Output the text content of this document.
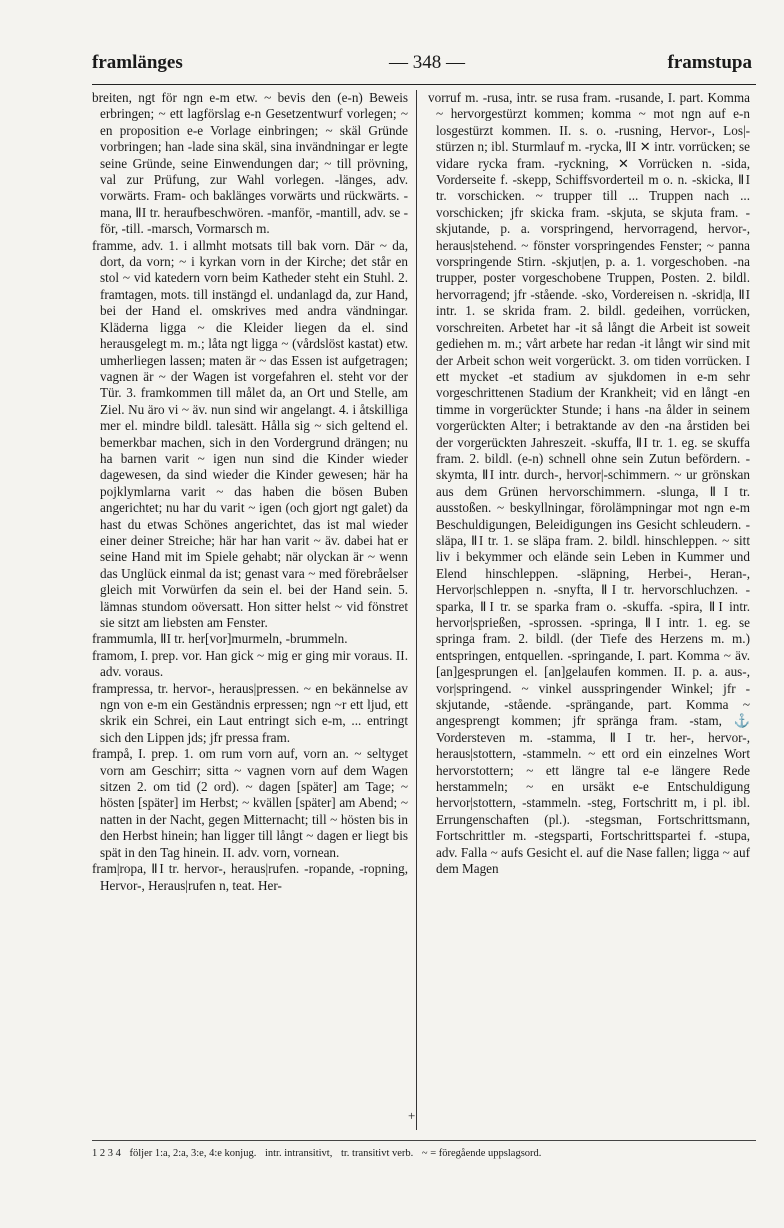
framlänges	— 348 —	framstupa

breiten, ngt för ngn e-m etw. ~ bevis den (e-n) Beweis erbringen; ~ ett lagförslag e-n Gesetzentwurf vorlegen; ~ en proposition e-e Vorlage einbringen; ~ skäl Gründe vorbringen; han -lade sina skäl, sina invändningar er legte seine Gründe, seine Einwendungen dar; ~ till prövning, val zur Prüfung, zur Wahl vorlegen. -länges, adv. vorwärts. Fram- och baklänges vorwärts und rückwärts. -mana, ⅡI tr. heraufbeschwören. -manför, -mantill, adv. se -för, -till. -marsch, Vormarsch m.

framme, adv. 1. i allmht motsats till bak vorn. Där ~ da, dort, da vorn; ~ i kyrkan vorn in der Kirche; det står en stol ~ vid katedern vorn beim Katheder steht ein Stuhl. 2. framtagen, mots. till instängd el. undanlagd da, zur Hand, bei der Hand el. omskrives med andra vändningar. Kläderna ligga ~ die Kleider liegen da el. sind herausgelegt m. m.; låta ngt ligga ~ (vårdslöst kastat) etw. umherliegen lassen; maten är ~ das Essen ist aufgetragen; vagnen är ~ der Wagen ist vorgefahren el. steht vor der Tür. 3. framkommen till målet da, an Ort und Stelle, am Ziel. Nu äro vi ~ äv. nun sind wir angelangt. 4. i åtskilliga mer el. mindre bildl. talesätt. Hålla sig ~ sich geltend el. bemerkbar machen, sich in den Vordergrund drängen; nu ha barnen varit ~ igen nun sind die Kinder wieder dagewesen, da sind wieder die Kinder gewesen; här ha pojklymlarna varit ~ das haben die bösen Buben angerichtet; nu har du varit ~ igen (och gjort ngt galet) da hast du etwas Schönes angerichtet, das ist mal wieder einer deiner Streiche; här har han varit ~ äv. dabei hat er seine Hand mit im Spiele gehabt; när olyckan är ~ wenn das Unglück einmal da ist; genast vara ~ med förebråelser gleich mit Vorwürfen da sein el. bei der Hand sein. 5. lämnas stundom oöversatt. Hon sitter helst ~ vid fönstret sie sitzt am liebsten am Fenster.

frammumla, ⅡI tr. her[vor]murmeln, -brummeln.

framom, I. prep. vor. Han gick ~ mig er ging mir voraus. II. adv. voraus.

frampressa, tr. hervor-, heraus|pressen. ~ en bekännelse av ngn von e-m ein Geständnis erpressen; ngn ~r ett ljud, ett skrik ein Schrei, ein Laut entringt sich e-m, ... entringt sich den Lippen jds; jfr pressa fram.

frampå, I. prep. 1. om rum vorn auf, vorn an. ~ seltyget vorn am Geschirr; sitta ~ vagnen vorn auf dem Wagen sitzen 2. om tid (2 ord). ~ dagen [später] am Tage; ~ hösten [später] im Herbst; ~ kvällen [später] am Abend; ~ natten in der Nacht, gegen Mitternacht; till ~ hösten bis in den Herbst hinein; han ligger till långt ~ dagen er liegt bis spät in den Tag hinein. II. adv. vorn, vornean.

fram|ropa, ⅡI tr. hervor-, heraus|rufen. -ropande, -ropning, Hervor-, Heraus|rufen n, teat. Her-

+

vorruf m. -rusa, intr. se rusa fram. -rusande, I. part. Komma ~ hervorgestürzt kommen; komma ~ mot ngn auf e-n losgestürzt kommen. II. s. o. -rusning, Hervor-, Los|-stürzen n; ibl. Sturmlauf m. -rycka, ⅡI ✕ intr. vorrücken; se vidare rycka fram. -ryckning, ✕ Vorrücken n. -sida, Vorderseite f. -skepp, Schiffsvorderteil m o. n. -skicka, ⅡI tr. vorschicken. ~ trupper till ... Truppen nach ... vorschicken; jfr skicka fram. -skjuta, se skjuta fram. -skjutande, p. a. vorspringend, hervorragend, hervor-, heraus|stehend. ~ fönster vorspringendes Fenster; ~ panna vorspringende Stirn. -skjut|en, p. a. 1. vorgeschoben. -na trupper, poster vorgeschobene Truppen, Posten. 2. bildl. hervorragend; jfr -stående. -sko, Vordereisen n. -skrid|a, ⅡI intr. 1. se skrida fram. 2. bildl. gedeihen, vorrücken, vorschreiten. Arbetet har -it så långt die Arbeit ist soweit gediehen m. m.; vårt arbete har redan -it långt wir sind mit der Arbeit schon weit vorgerückt. 3. om tiden vorrücken. I ett mycket -et stadium av sjukdomen in e-m sehr vorgeschrittenen Stadium der Krankheit; vid en långt -en timme in vorgerückter Stunde; i hans -na ålder in seinem vorgerückten Alter; i betraktande av den -na årstiden bei der vorgerückten Jahreszeit. -skuffa, ⅡI tr. 1. eg. se skuffa fram. 2. bildl. (e-n) schnell ohne sein Zutun befördern. -skymta, ⅡI intr. durch-, hervor|-schimmern. ~ ur grönskan aus dem Grünen hervorschimmern. -slunga, ⅡI tr. ausstoßen. ~ beskyllningar, förolämpningar mot ngn e-m Beschuldigungen, Beleidigungen ins Gesicht schleudern. -släpa, ⅡI tr. 1. se släpa fram. 2. bildl. hinschleppen. ~ sitt liv i bekymmer och elände sein Leben in Kummer und Elend hinschleppen. -släpning, Herbei-, Heran-, Hervor|schleppen n. -snyfta, ⅡI tr. hervorschluchzen. -sparka, ⅡI tr. se sparka fram o. -skuffa. -spira, ⅡI intr. hervor|sprießen, -sprossen. -springa, ⅡI intr. 1. eg. se springa fram. 2. bildl. (der Tiefe des Herzens m. m.) entspringen, entquellen. -springande, I. part. Komma ~ äv. [an]gesprungen el. [an]gelaufen kommen. II. p. a. aus-, vor|springend. ~ vinkel ausspringender Winkel; jfr -skjutande, -stående. -sprängande, part. Komma ~ angesprengt kommen; jfr spränga fram. -stam, ⚓ Vordersteven m. -stamma, ⅡI tr. her-, hervor-, heraus|stottern, -stammeln. ~ ett ord ein einzelnes Wort hervorstottern; ~ ett längre tal e-e längere Rede herstammeln; ~ en ursäkt e-e Entschuldigung hervor|stottern, -stammeln. -steg, Fortschritt m, i pl. ibl. Errungenschaften (pl.). -stegsman, Fortschrittsmann, Fortschrittler m. -stegsparti, Fortschrittspartei f. -stupa, adv. Falla ~ aufs Gesicht el. auf die Nase fallen; ligga ~ auf dem Magen

1 2 3 4 följer 1:a, 2:a, 3:e, 4:e konjug. intr. intransitivt, tr. transitivt verb. ~ = föregående uppslagsord.
